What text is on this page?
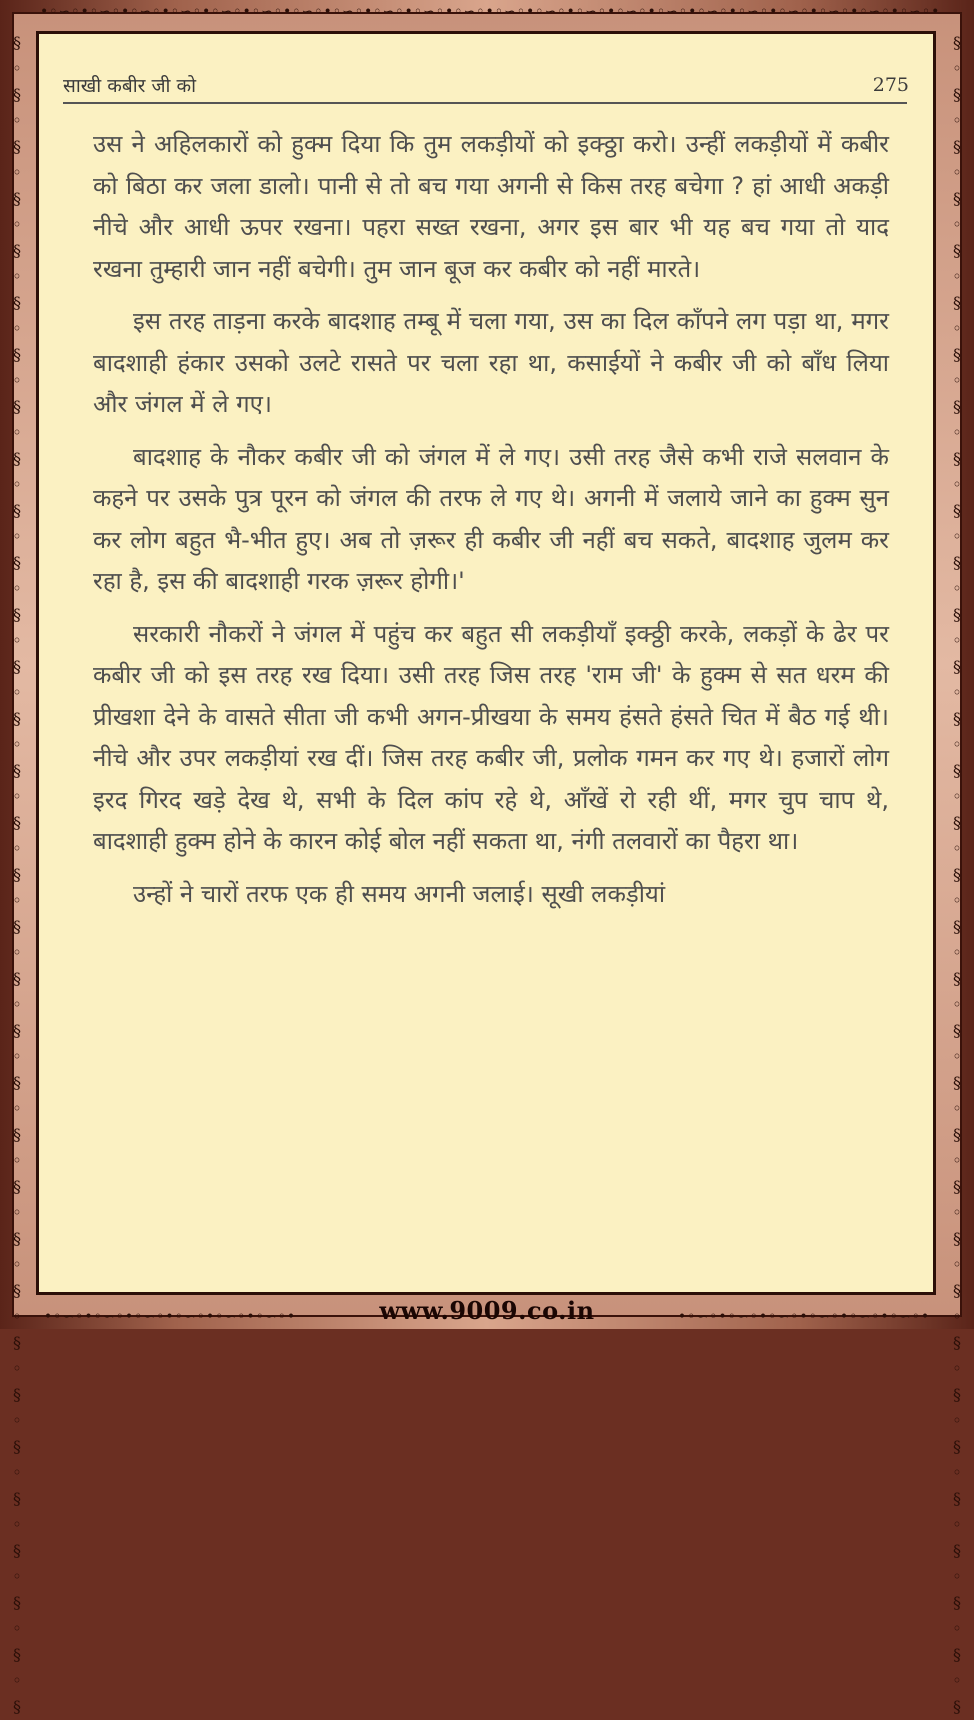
•◦∽◦•◦∽◦•◦∽◦•◦∽◦•◦∽◦•◦∽◦•◦∽◦•◦∽◦•◦∽◦•◦∽◦•◦∽◦•◦∽◦•◦∽◦•◦∽◦•◦∽◦•◦∽◦•◦∽◦•◦∽◦•◦∽◦•◦∽◦•◦∽◦•◦∽◦•
§
◦
§
◦
§
◦
§
◦
§
◦
§
◦
§
◦
§
◦
§
◦
§
◦
§
◦
§
◦
§
◦
§
◦
§
◦
§
◦
§
◦
§
◦
§
◦
§
◦
§
◦
§
◦
§
◦
§
◦
§
◦
§
◦
§
◦
§
◦
§
◦
§
◦
§
◦
§
◦
§
§
◦
§
◦
§
◦
§
◦
§
◦
§
◦
§
◦
§
◦
§
◦
§
◦
§
◦
§
◦
§
◦
§
◦
§
◦
§
◦
§
◦
§
◦
§
◦
§
◦
§
◦
§
◦
§
◦
§
◦
§
◦
§
◦
§
◦
§
◦
§
◦
§
◦
§
◦
§
◦
§
साखी कबीर जी को	275

उस ने अहिलकारों को हुक्म दिया कि तुम लकड़ीयों को इक्ठ्ठा करो। उन्हीं लकड़ीयों में कबीर को बिठा कर जला डालो। पानी से तो बच गया अगनी से किस तरह बचेगा ? हां आधी अकड़ी नीचे और आधी ऊपर रखना। पहरा सख्त रखना, अगर इस बार भी यह बच गया तो याद रखना तुम्हारी जान नहीं बचेगी। तुम जान बूज कर कबीर को नहीं मारते।

इस तरह ताड़ना करके बादशाह तम्बू में चला गया, उस का दिल काँपने लग पड़ा था, मगर बादशाही हंकार उसको उलटे रासते पर चला रहा था, कसाईयों ने कबीर जी को बाँध लिया और जंगल में ले गए।

बादशाह के नौकर कबीर जी को जंगल में ले गए। उसी तरह जैसे कभी राजे सलवान के कहने पर उसके पुत्र पूरन को जंगल की तरफ ले गए थे। अगनी में जलाये जाने का हुक्म सुन कर लोग बहुत भै-भीत हुए। अब तो ज़रूर ही कबीर जी नहीं बच सकते, बादशाह जुलम कर रहा है, इस की बादशाही गरक ज़रूर होगी।'

सरकारी नौकरों ने जंगल में पहुंच कर बहुत सी लकड़ीयाँ इक्ठ्ठी करके, लकड़ों के ढेर पर कबीर जी को इस तरह रख दिया। उसी तरह जिस तरह 'राम जी' के हुक्म से सत धरम की प्रीखशा देने के वासते सीता जी कभी अगन-प्रीखया के समय हंसते हंसते चित में बैठ गई थी। नीचे और उपर लकड़ीयां रख दीं। जिस तरह कबीर जी, प्रलोक गमन कर गए थे। हजारों लोग इरद गिरद खड़े देख थे, सभी के दिल कांप रहे थे, आँखें रो रही थीं, मगर चुप चाप थे, बादशाही हुक्म होने के कारन कोई बोल नहीं सकता था, नंगी तलवारों का पैहरा था।

उन्हों ने चारों तरफ एक ही समय अगनी जलाई। सूखी लकड़ीयां

•◦∽◦•◦∽◦•◦∽◦•◦∽◦•◦∽◦•◦∽◦•	www.9009.co.in	•◦∽◦•◦∽◦•◦∽◦•◦∽◦•◦∽◦•◦∽◦•
